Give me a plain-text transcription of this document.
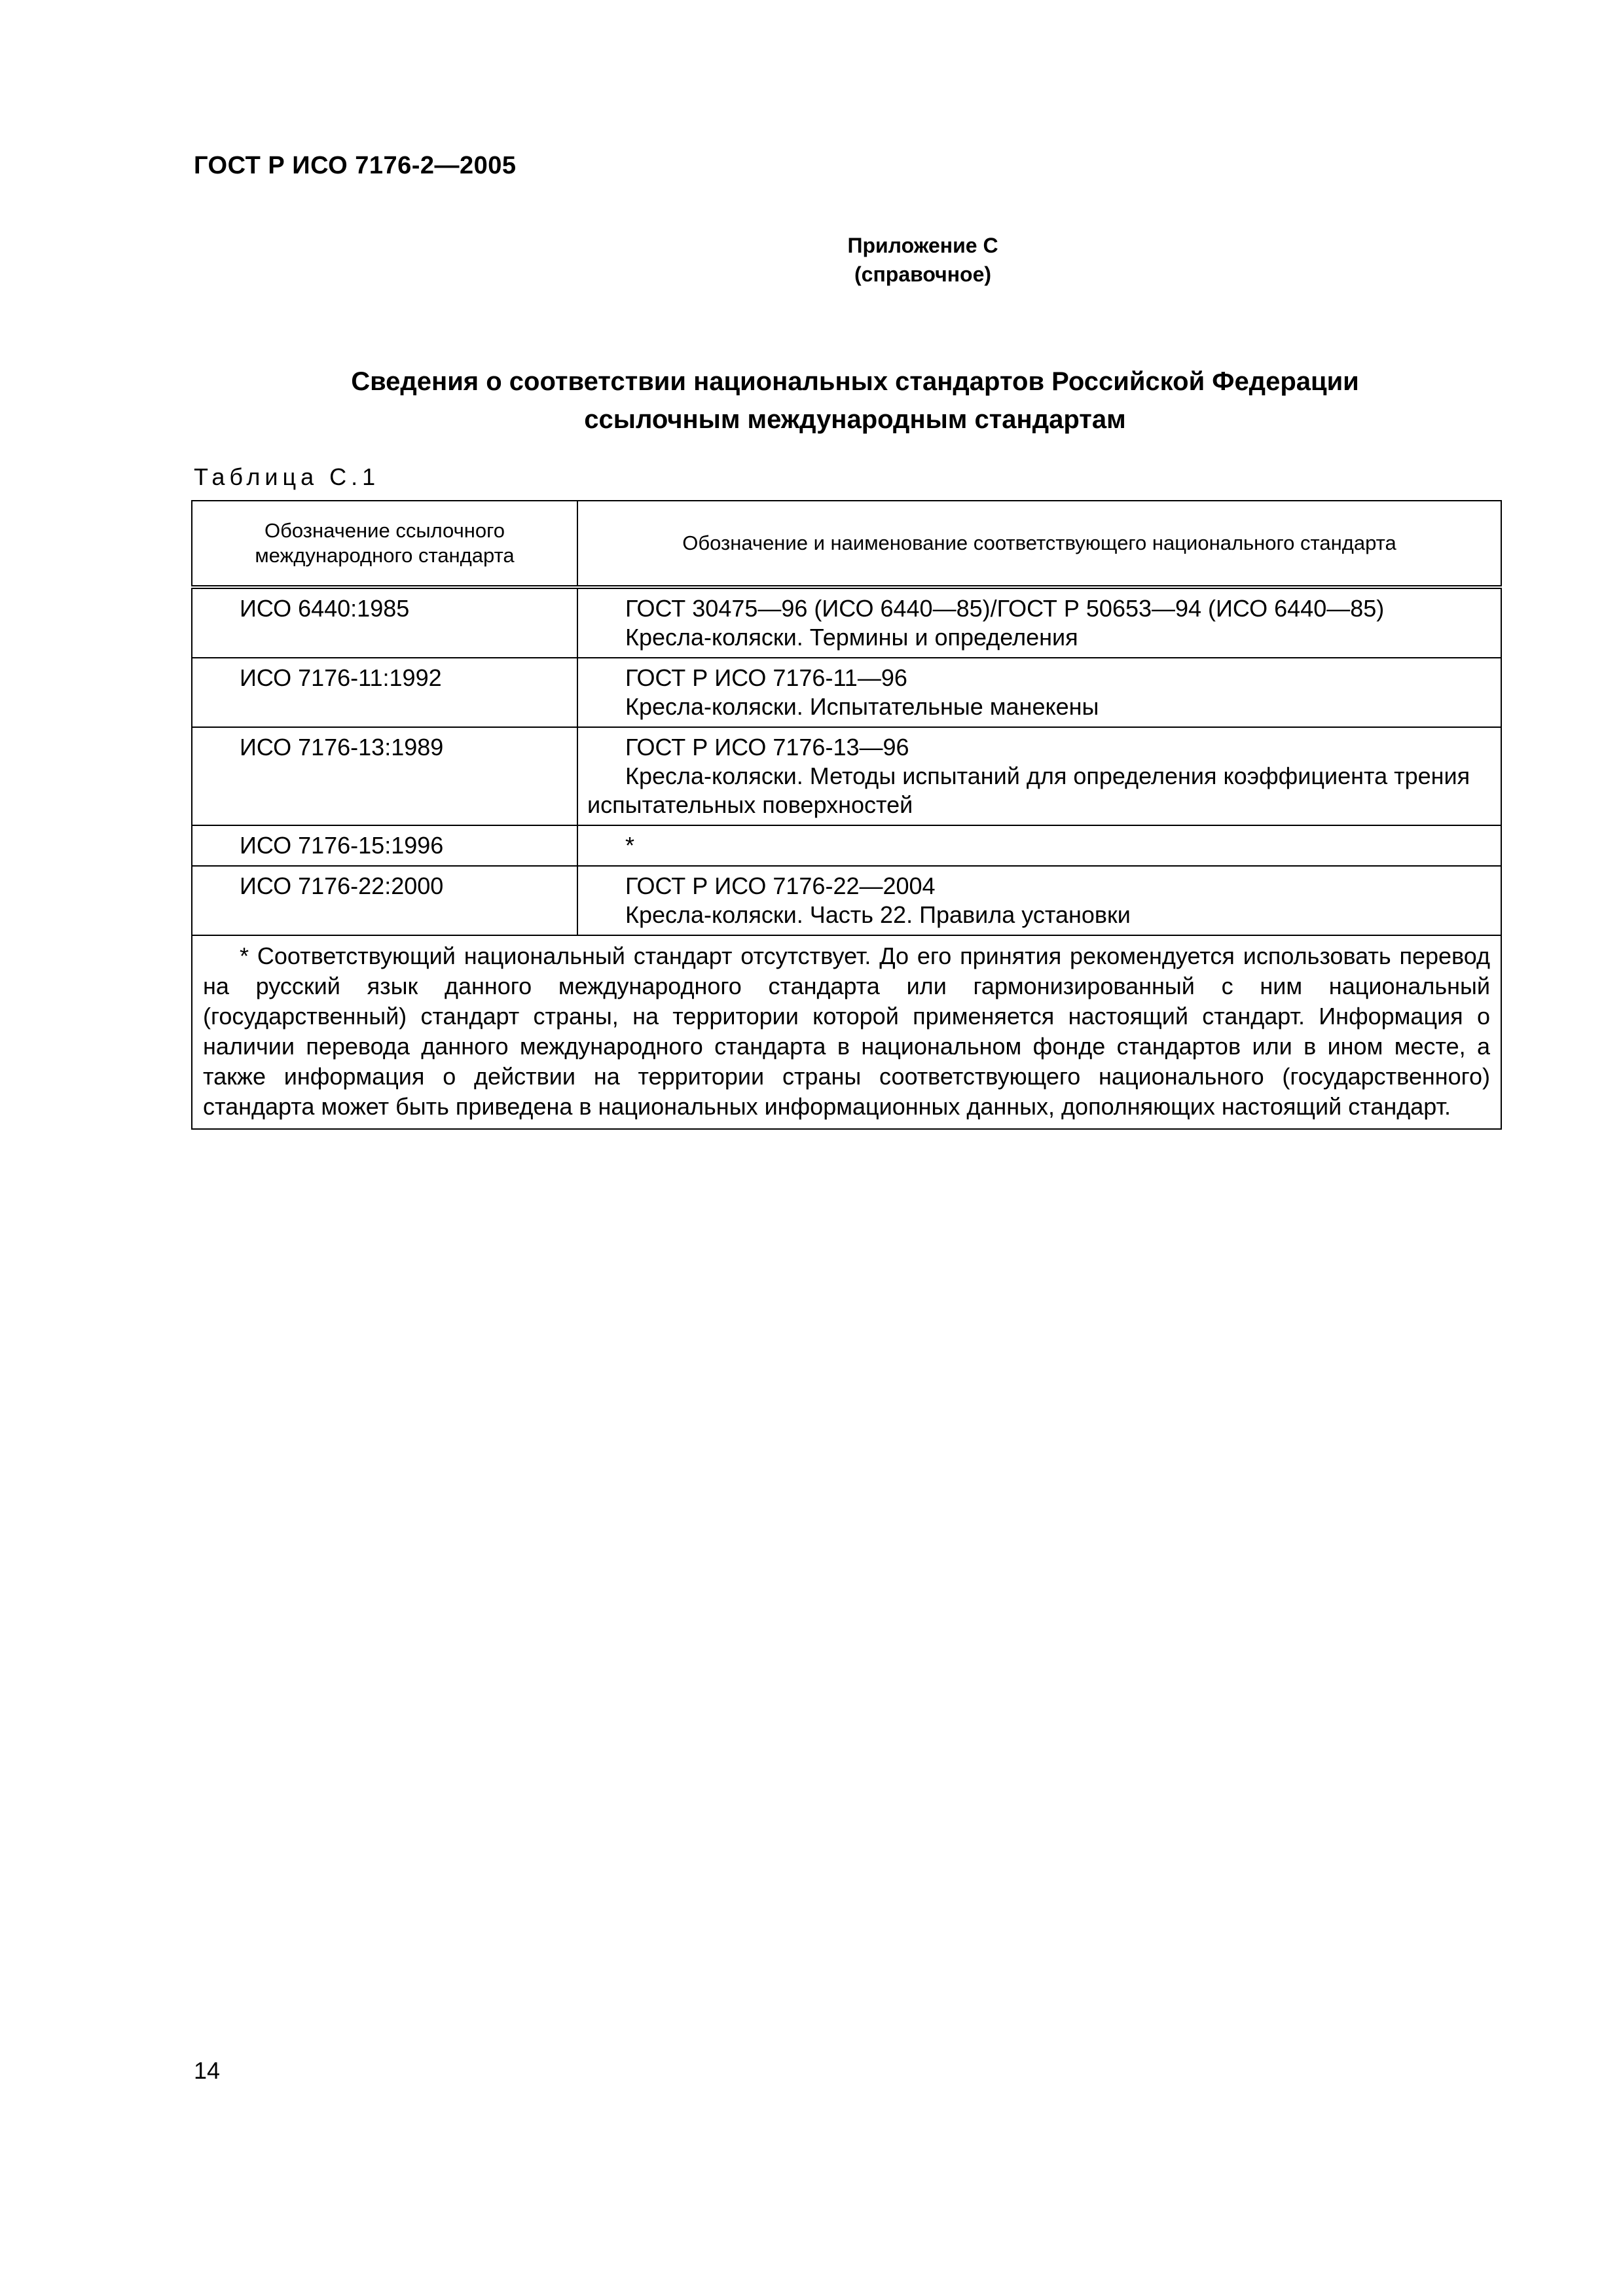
ГОСТ Р ИСО 7176-2—2005
Приложение С
(справочное)
Сведения о соответствии национальных стандартов Российской Федерации
ссылочным международным стандартам
Таблица С.1
Обозначение ссылочного
международного стандарта	Обозначение и наименование соответствующего национального стандарта
ИСО 6440:1985	ГОСТ 30475—96 (ИСО 6440—85)/ГОСТ Р 50653—94 (ИСО 6440—85)
Кресла-коляски. Термины и определения

ИСО 7176-11:1992	ГОСТ Р ИСО 7176-11—96
Кресла-коляски. Испытательные манекены

ИСО 7176-13:1989	ГОСТ Р ИСО 7176-13—96
Кресла-коляски. Методы испытаний для определения коэффициента трения
испытательных поверхностей

ИСО 7176-15:1996	*

ИСО 7176-22:2000	ГОСТ Р ИСО 7176-22—2004
Кресла-коляски. Часть 22. Правила установки

* Соответствующий национальный стандарт отсутствует. До его принятия рекомендуется использовать перевод на русский язык данного международного стандарта или гармонизированный с ним национальный (государственный) стандарт страны, на территории которой применяется настоящий стандарт. Информация о наличии перевода данного международного стандарта в национальном фонде стандартов или в ином месте, а также информация о действии на территории страны соответствующего национального (государственного) стандарта может быть приведена в национальных информационных данных, дополняющих настоящий стандарт.	
14
